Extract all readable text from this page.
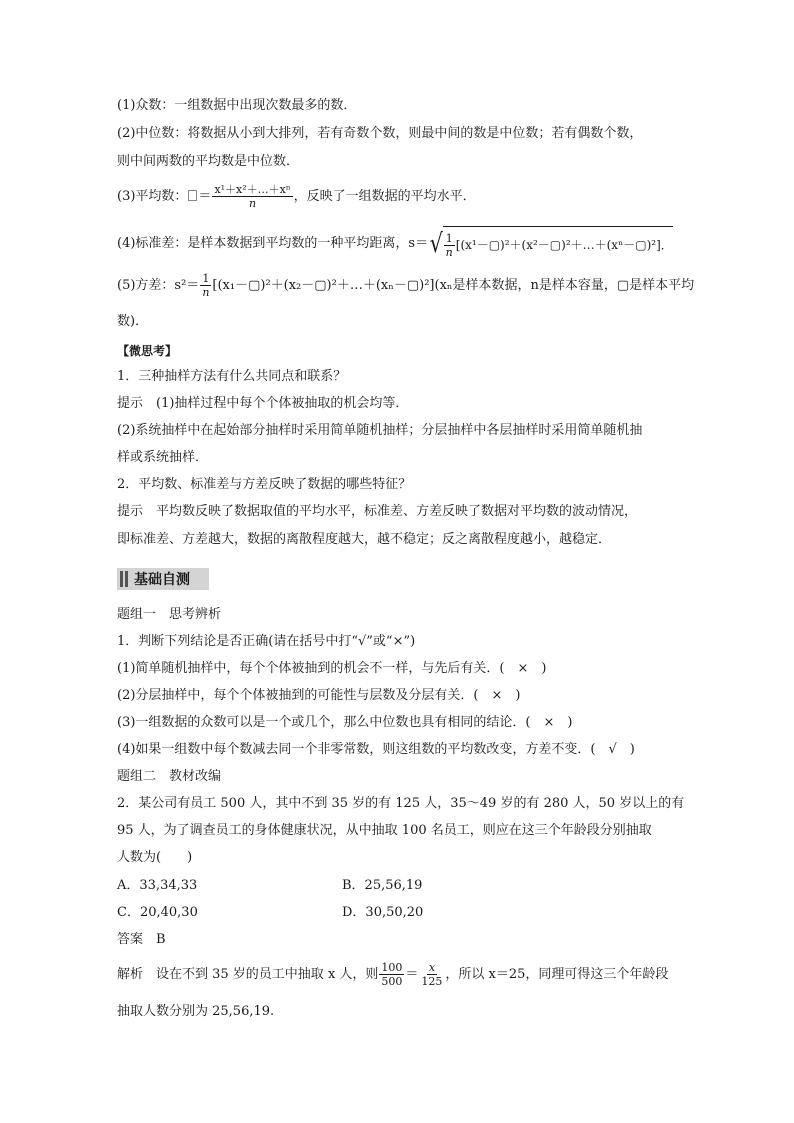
(1)众数：一组数据中出现次数最多的数．
(2)中位数：将数据从小到大排列，若有奇数个数，则最中间的数是中位数；若有偶数个数，
则中间两数的平均数是中位数．
(3)平均数： ＝ $\frac{\text{x¹＋x²＋…＋xⁿ}}{n}$ ，反映了一组数据的平均水平．
(4)标准差：是样本数据到平均数的一种平均距离，s＝ √ $\frac{1}{n}$ [(x¹－▢)²＋(x²－▢)²＋…＋(xⁿ－▢)²]．
(5)方差：$s^2= \frac{1}{n}$ [(x₁－▢)²＋(x₂－▢)²＋…＋(xₙ－▢)²](xₙ是样本数据，n是样本容量，▢是样本平均
数)．
【微思考】
1．三种抽样方法有什么共同点和联系？
提示　(1)抽样过程中每个个体被抽取的机会均等．
(2)系统抽样中在起始部分抽样时采用简单随机抽样；分层抽样中各层抽样时采用简单随机抽
样或系统抽样．
2．平均数、标准差与方差反映了数据的哪些特征？
提示　平均数反映了数据取值的平均水平，标准差、方差反映了数据对平均数的波动情况，
即标准差、方差越大，数据的离散程度越大，越不稳定；反之离散程度越小，越稳定．
基础自测
题组一　思考辨析
1．判断下列结论是否正确(请在括号中打“√”或“×”)
(1)简单随机抽样中，每个个体被抽到的机会不一样，与先后有关．(　×　)
(2)分层抽样中，每个个体被抽到的可能性与层数及分层有关．(　×　)
(3)一组数据的众数可以是一个或几个，那么中位数也具有相同的结论．(　×　)
(4)如果一组数中每个数减去同一个非零常数，则这组数的平均数改变，方差不变．(　√　)
题组二　教材改编
2．某公司有员工 500 人，其中不到 35 岁的有 125 人，35～49 岁的有 280 人，50 岁以上的有
95 人，为了调查员工的身体健康状况，从中抽取 100 名员工，则应在这三个年龄段分别抽取
人数为(　　)
A．33,34,33	B．25,56,19
C．20,40,30	D．30,50,20
答案　B
解析　设在不到 35 岁的员工中抽取 x 人，则 $\frac{100}{500} = \frac{x}{125}$ ，所以 x＝25，同理可得这三个年龄段
抽取人数分别为 25,56,19.
